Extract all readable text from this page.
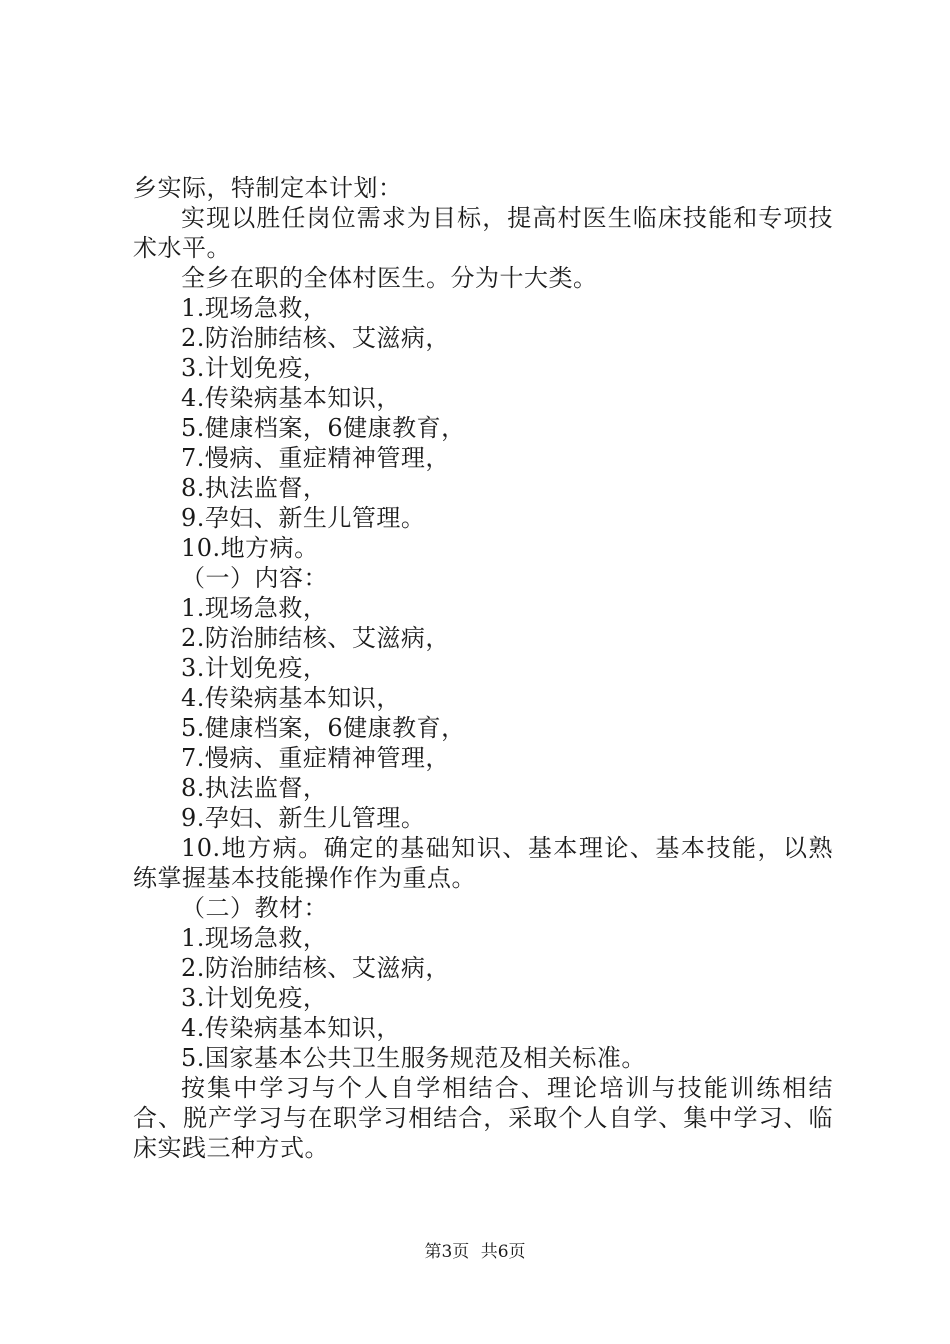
乡实际，特制定本计划：
实现以胜任岗位需求为目标，提高村医生临床技能和专项技术水平。
全乡在职的全体村医生。分为十大类。
1.现场急救，
2.防治肺结核、艾滋病，
3.计划免疫，
4.传染病基本知识，
5.健康档案，6健康教育，
7.慢病、重症精神管理，
8.执法监督，
9.孕妇、新生儿管理。
10.地方病。
（一）内容：
1.现场急救，
2.防治肺结核、艾滋病，
3.计划免疫，
4.传染病基本知识，
5.健康档案，6健康教育，
7.慢病、重症精神管理，
8.执法监督，
9.孕妇、新生儿管理。
10.地方病。确定的基础知识、基本理论、基本技能，以熟练掌握基本技能操作作为重点。
（二）教材：
1.现场急救，
2.防治肺结核、艾滋病，
3.计划免疫，
4.传染病基本知识，
5.国家基本公共卫生服务规范及相关标准。
按集中学习与个人自学相结合、理论培训与技能训练相结合、脱产学习与在职学习相结合，采取个人自学、集中学习、临床实践三种方式。
第3页 共6页
